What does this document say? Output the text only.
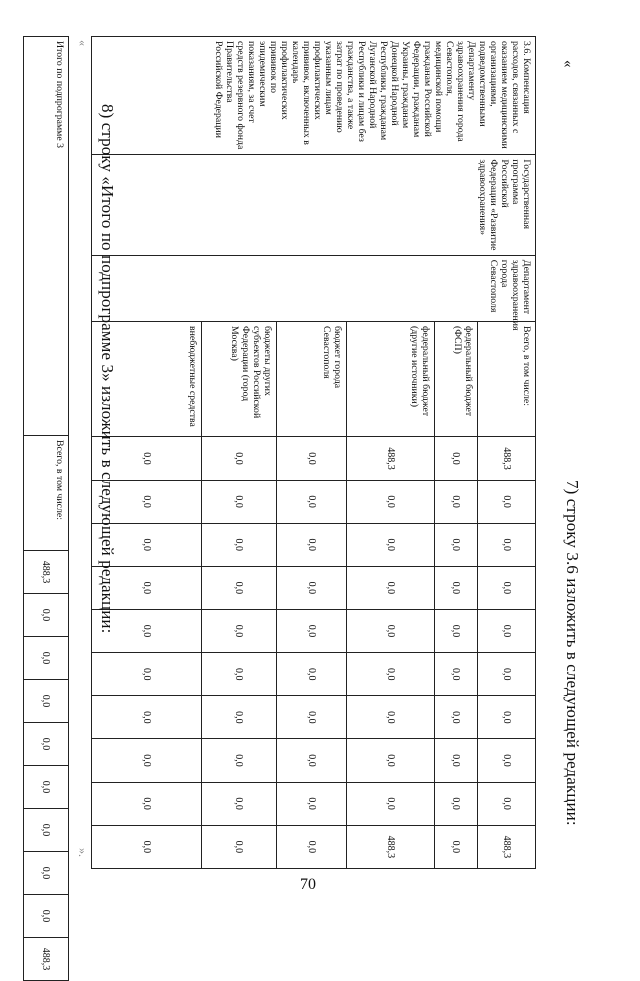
«
7) строку 3.6 изложить в следующей редакции:
3.6. Компенсация расходов, связанных с оказанием медицинскими организациями, подведомственными Департаменту здравоохранения города Севастополя, медицинской помощи гражданам Российской Федерации, гражданам Украины, гражданам Донецкой Народной Республики, гражданам Луганской Народной Республики и лицам без гражданства, а также затрат по проведению указанным лицам профилактических прививок, включенных в календарь профилактических прививок по эпидемическим показаниям, за счет средств резервного фонда Правительства Российской Федерации	Государственная программа Российской Федерации «Развитие здравоохранения»	Департамент здравоохранения города Севастополя	Всего, в том числе:	488,3	0,0	0,0	0,0	0,0	0,0	0,0	0,0	0,0	488,3
			федеральный бюджет (ФСП)	0,0	0,0	0,0	0,0	0,0	0,0	0,0	0,0	0,0	0,0
			федеральный бюджет (другие источники)	488,3	0,0	0,0	0,0	0,0	0,0	0,0	0,0	0,0	488,3
			бюджет города Севастополя	0,0	0,0	0,0	0,0	0,0	0,0	0,0	0,0	0,0	0,0
			бюджеты других субъектов Российской Федерации (город Москва)	0,0	0,0	0,0	0,0	0,0	0,0	0,0	0,0	0,0	0,0
			внебюджетные средства	0,0	0,0	0,0	0,0	0,0	0,0	0,0	0,0	0,0	0,0
8) строку «Итого по подпрограмме 3» изложить в следующей редакции:
«
».
Итого по подпрограмме 3	Всего, в том числе:	488,3	0,0	0,0	0,0	0,0	0,0	0,0	0,0	0,0	488,3
70
